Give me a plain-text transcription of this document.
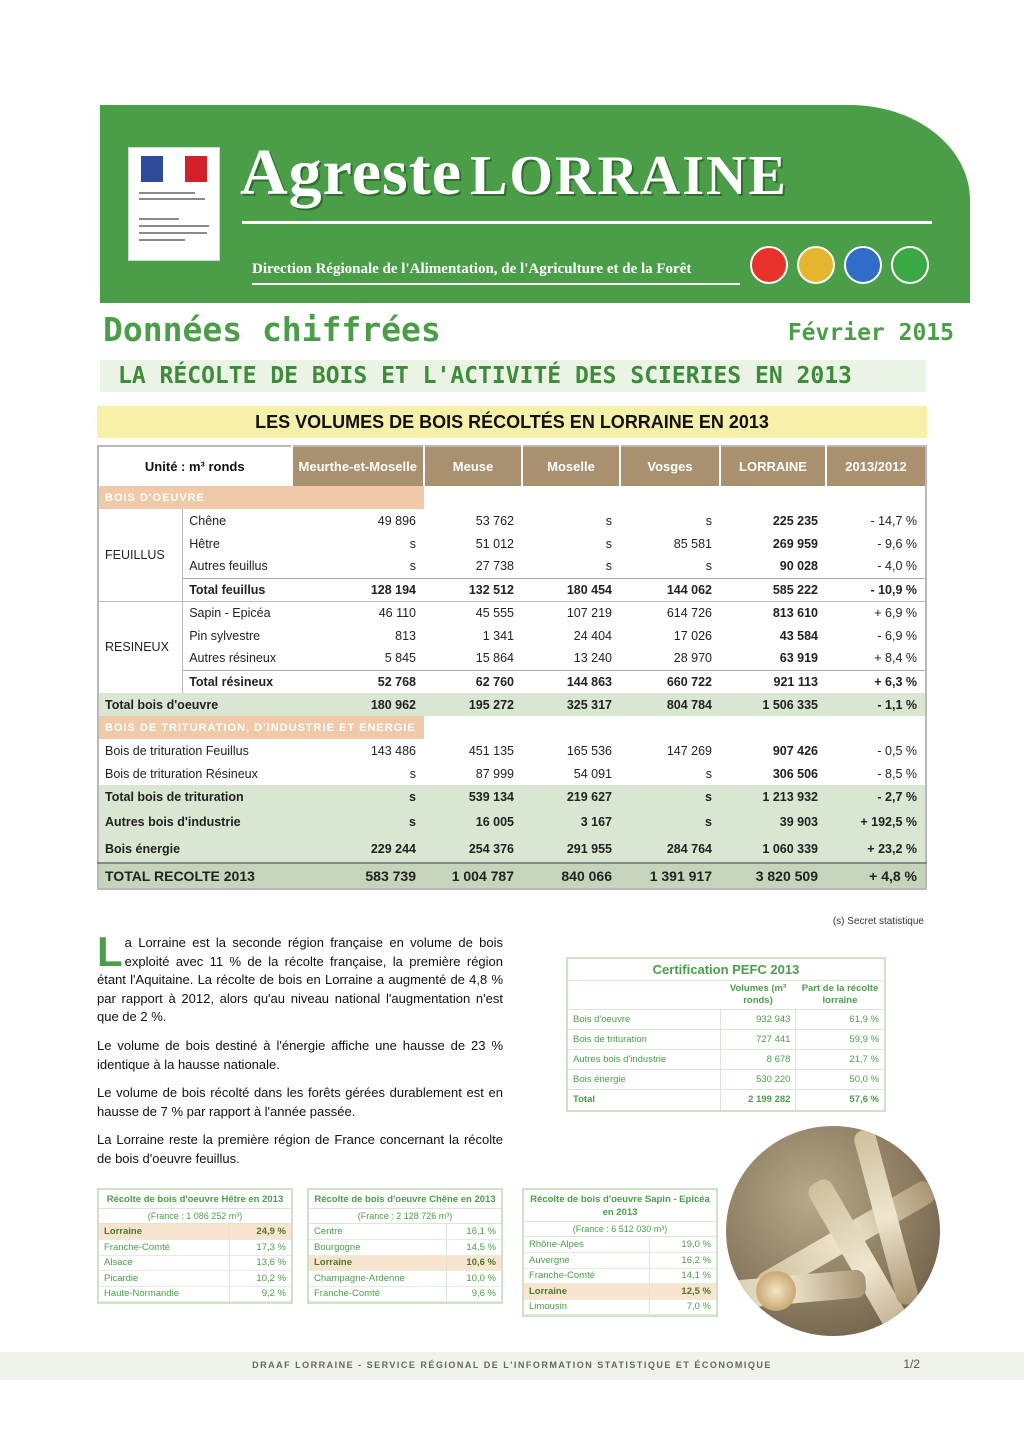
Agreste LORRAINE
Direction Régionale de l'Alimentation, de l'Agriculture et de la Forêt
Données chiffrées	Février 2015
LA RÉCOLTE DE BOIS ET L'ACTIVITÉ DES SCIERIES EN 2013
LES VOLUMES DE BOIS RÉCOLTÉS EN LORRAINE EN 2013
Unité : m³ ronds		Meurthe-et-Moselle	Meuse	Moselle	Vosges	LORRAINE	2013/2012
BOIS D'OEUVRE							
FEUILLUS	Chêne	49 896	53 762	s	s	225 235	- 14,7 %
	Hêtre	s	51 012	s	85 581	269 959	- 9,6 %
	Autres feuillus	s	27 738	s	s	90 028	- 4,0 %
	Total feuillus	128 194	132 512	180 454	144 062	585 222	- 10,9 %
RESINEUX	Sapin - Epicéa	46 110	45 555	107 219	614 726	813 610	+ 6,9 %
	Pin sylvestre	813	1 341	24 404	17 026	43 584	- 6,9 %
	Autres résineux	5 845	15 864	13 240	28 970	63 919	+ 8,4 %
	Total résineux	52 768	62 760	144 863	660 722	921 113	+ 6,3 %
Total bois d'oeuvre		180 962	195 272	325 317	804 784	1 506 335	- 1,1 %
BOIS DE TRITURATION, D'INDUSTRIE ET ENERGIE							
Bois de trituration Feuillus		143 486	451 135	165 536	147 269	907 426	- 0,5 %
Bois de trituration Résineux		s	87 999	54 091	s	306 506	- 8,5 %
Total bois de trituration		s	539 134	219 627	s	1 213 932	- 2,7 %
Autres bois d'industrie		s	16 005	3 167	s	39 903	+ 192,5 %
Bois énergie		229 244	254 376	291 955	284 764	1 060 339	+ 23,2 %
TOTAL RECOLTE 2013		583 739	1 004 787	840 066	1 391 917	3 820 509	+ 4,8 %
(s) Secret statistique

La Lorraine est la seconde région française en volume de bois exploité avec 11 % de la récolte française, la première région étant l'Aquitaine. La récolte de bois en Lorraine a augmenté de 4,8 % par rapport à 2012, alors qu'au niveau national l'augmentation n'est que de 2 %.

Le volume de bois destiné à l'énergie affiche une hausse de 23 % identique à la hausse nationale.

Le volume de bois récolté dans les forêts gérées durablement est en hausse de 7 % par rapport à l'année passée.

La Lorraine reste la première région de France concernant la récolte de bois d'oeuvre feuillus.

Certification PEFC 2013
	Volumes (m³ ronds)	Part de la récolte lorraine
Bois d'oeuvre	932 943	61,9 %
Bois de trituration	727 441	59,9 %
Autres bois d'industrie	8 678	21,7 %
Bois énergie	530 220	50,0 %
Total	2 199 282	57,6 %
Récolte de bois d'oeuvre Hêtre en 2013
(France : 1 086 252 m³)
Lorraine	24,9 %
Franche-Comté	17,3 %
Alsace	13,6 %
Picardie	10,2 %
Haute-Normandie	9,2 %
Récolte de bois d'oeuvre Chêne en 2013
(France : 2 128 726 m³)
Centre	16,1 %
Bourgogne	14,5 %
Lorraine	10,6 %
Champagne-Ardenne	10,0 %
Franche-Comté	9,6 %
Récolte de bois d'oeuvre Sapin - Epicéa en 2013
(France : 6 512 030 m³)
Rhône-Alpes	19,0 %
Auvergne	16,2 %
Franche-Comté	14,1 %
Lorraine	12,5 %
Limousin	7,0 %
DRAAF LORRAINE - SERVICE RÉGIONAL DE L'INFORMATION STATISTIQUE ET ÉCONOMIQUE	1/2
